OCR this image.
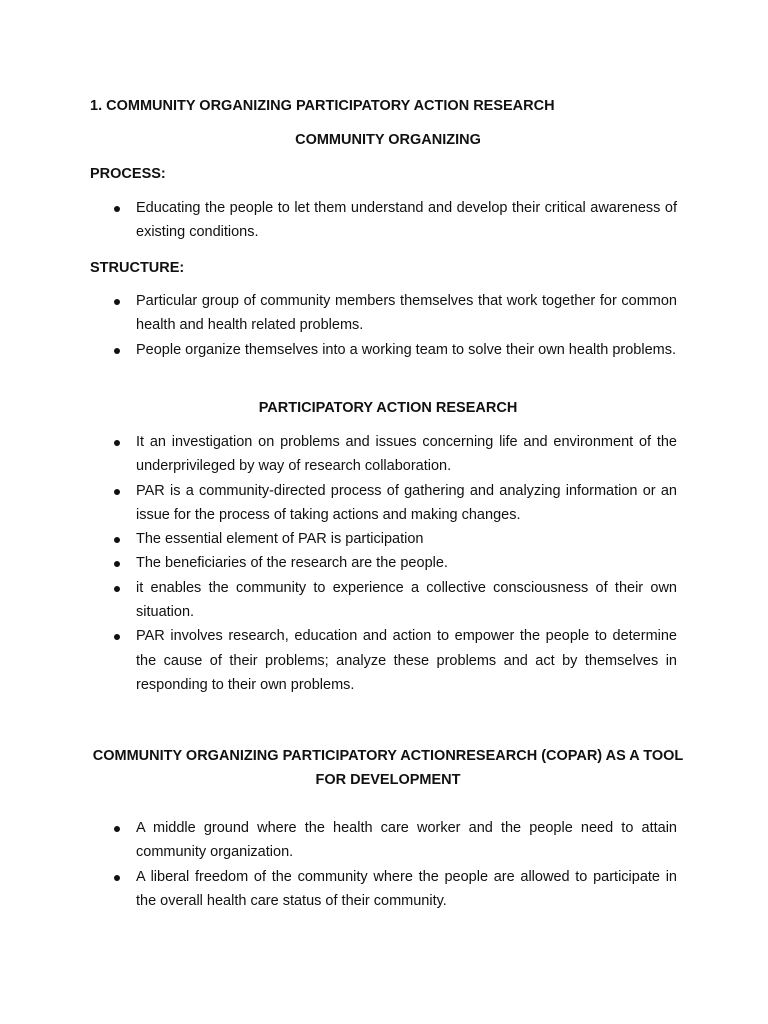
1. COMMUNITY ORGANIZING PARTICIPATORY ACTION RESEARCH
COMMUNITY ORGANIZING
PROCESS:
Educating the people to let them understand and develop their critical awareness of existing conditions.
STRUCTURE:
Particular group of community members themselves that work together for common health and health related problems.
People organize themselves into a working team to solve their own health problems.
PARTICIPATORY ACTION RESEARCH
It an investigation on problems and issues concerning life and environment of the underprivileged by way of research collaboration.
PAR is a community-directed process of gathering and analyzing information or an issue for the process of taking actions and making changes.
The essential element of PAR is participation
The beneficiaries of the research are the people.
it enables the community to experience a collective consciousness of their own situation.
PAR involves research, education and action to empower the people to determine the cause of their problems; analyze these problems and act by themselves in responding to their own problems.
COMMUNITY ORGANIZING PARTICIPATORY ACTIONRESEARCH (COPAR) AS A TOOL FOR DEVELOPMENT
A middle ground where the health care worker and the people need to attain community organization.
A liberal freedom of the community where the people are allowed to participate in the overall health care status of their community.
